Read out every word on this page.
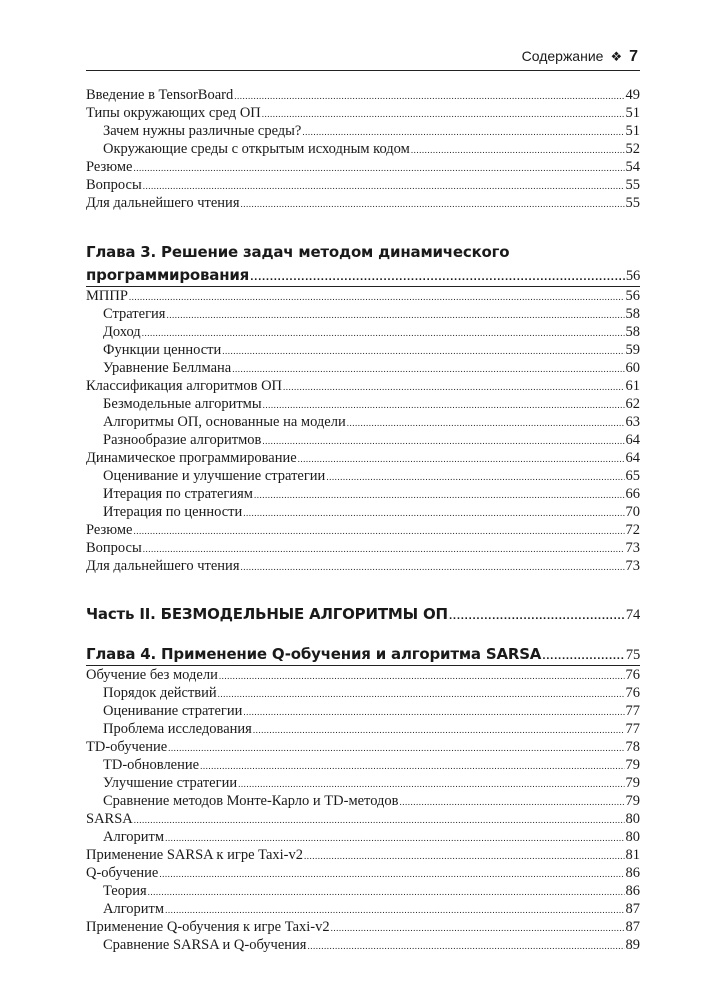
Содержание ❖ 7
Введение в TensorBoard .....	49
Типы окружающих сред ОП .....	51
Зачем нужны различные среды? .....	51
Окружающие среды с открытым исходным кодом .....	52
Резюме .....	54
Вопросы .....	55
Для дальнейшего чтения .....	55
Глава 3. Решение задач методом динамического
программирования .....	56
МППР .....	56
Стратегия .....	58
Доход .....	58
Функции ценности .....	59
Уравнение Беллмана .....	60
Классификация алгоритмов ОП .....	61
Безмодельные алгоритмы .....	62
Алгоритмы ОП, основанные на модели .....	63
Разнообразие алгоритмов .....	64
Динамическое программирование .....	64
Оценивание и улучшение стратегии .....	65
Итерация по стратегиям .....	66
Итерация по ценности .....	70
Резюме .....	72
Вопросы .....	73
Для дальнейшего чтения .....	73
Часть II. БЕЗМОДЕЛЬНЫЕ АЛГОРИТМЫ ОП .....	74
Глава 4. Применение Q-обучения и алгоритма SARSA .....	75
Обучение без модели .....	76
Порядок действий .....	76
Оценивание стратегии .....	77
Проблема исследования .....	77
TD-обучение .....	78
TD-обновление .....	79
Улучшение стратегии .....	79
Сравнение методов Монте-Карло и TD-методов .....	79
SARSA .....	80
Алгоритм .....	80
Применение SARSA к игре Taxi-v2 .....	81
Q-обучение .....	86
Теория .....	86
Алгоритм .....	87
Применение Q-обучения к игре Taxi-v2 .....	87
Сравнение SARSA и Q-обучения .....	89
